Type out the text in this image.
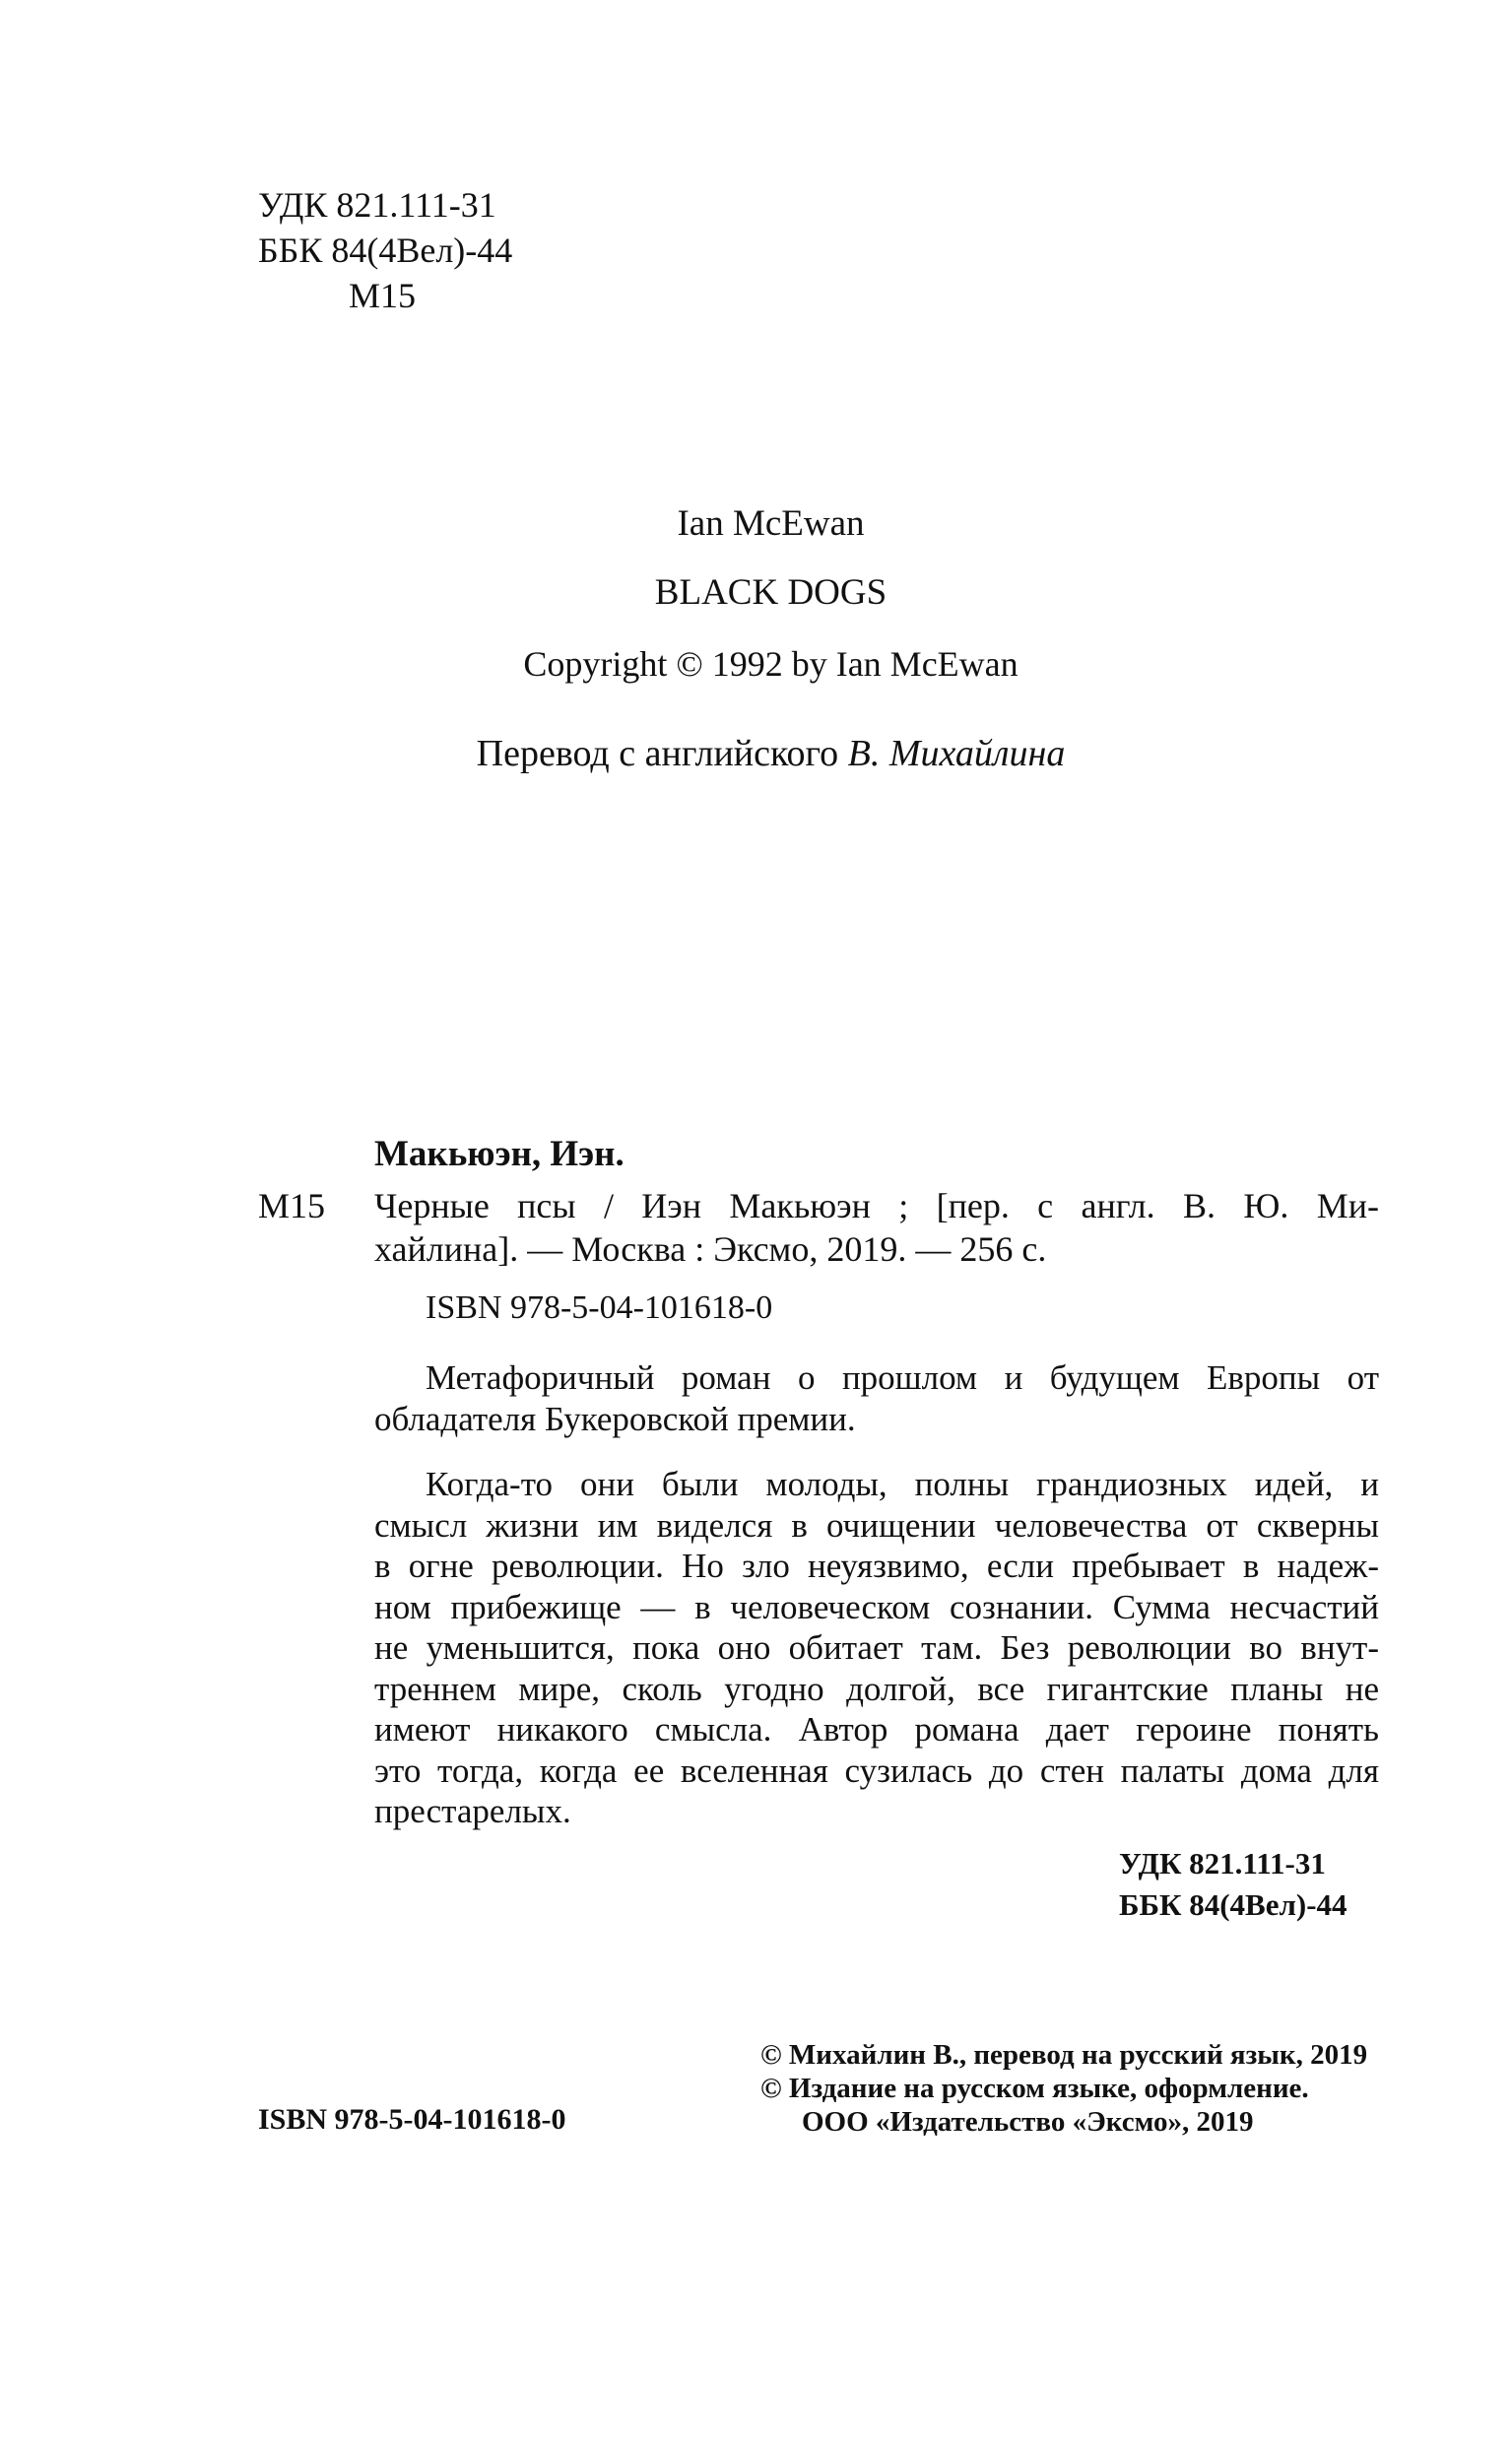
УДК 821.111-31
ББК 84(4Вел)-44
М15
Ian McEwan
BLACK DOGS
Copyright © 1992 by Ian McEwan
Перевод с английского В. Михайлина
Макьюэн, Иэн.
М15 Черные псы / Иэн Макьюэн ; [пер. с англ. В. Ю. Ми-
хайлина]. — Москва : Эксмо, 2019. — 256 с.
ISBN 978-5-04-101618-0
Метафоричный роман о прошлом и будущем Европы от
обладателя Букеровской премии.
Когда-то они были молоды, полны грандиозных идей, и
смысл жизни им виделся в очищении человечества от скверны
в огне революции. Но зло неуязвимо, если пребывает в надеж-
ном прибежище — в человеческом сознании. Сумма несчастий
не уменьшится, пока оно обитает там. Без революции во внут-
треннем мире, сколь угодно долгой, все гигантские планы не
имеют никакого смысла. Автор романа дает героине понять
это тогда, когда ее вселенная сузилась до стен палаты дома для
престарелых.
УДК 821.111-31
ББК 84(4Вел)-44
ISBN 978-5-04-101618-0
© Михайлин В., перевод на русский язык, 2019
© Издание на русском языке, оформление.
ООО «Издательство «Эксмо», 2019
